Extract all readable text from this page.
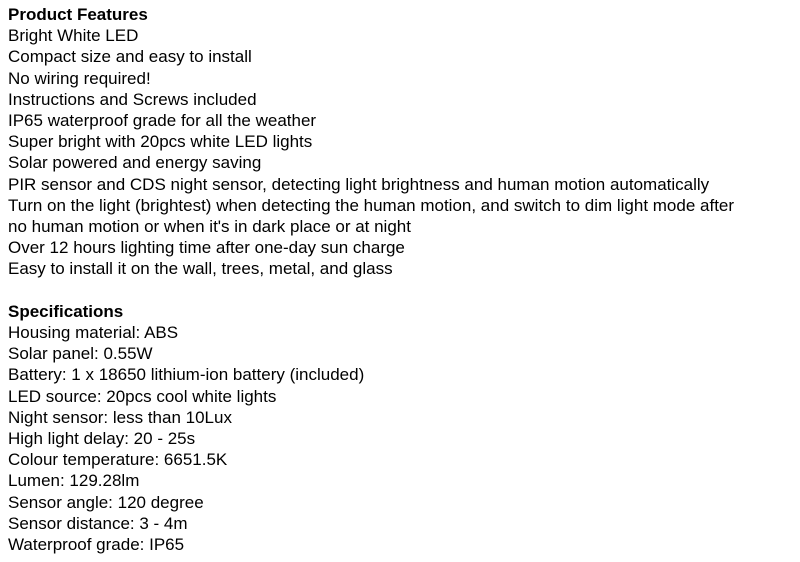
Product Features
Bright White LED
Compact size and easy to install
No wiring required!
Instructions and Screws included
IP65 waterproof grade for all the weather
Super bright with 20pcs white LED lights
Solar powered and energy saving
PIR sensor and CDS night sensor, detecting light brightness and human motion automatically
Turn on the light (brightest) when detecting the human motion, and switch to dim light mode after
no human motion or when it's in dark place or at night
Over 12 hours lighting time after one-day sun charge
Easy to install it on the wall, trees, metal, and glass
Specifications
Housing material: ABS
Solar panel: 0.55W
Battery: 1 x 18650 lithium-ion battery (included)
LED source: 20pcs cool white lights
Night sensor: less than 10Lux
High light delay: 20 - 25s
Colour temperature: 6651.5K
Lumen: 129.28lm
Sensor angle: 120 degree
Sensor distance: 3 - 4m
Waterproof grade: IP65
